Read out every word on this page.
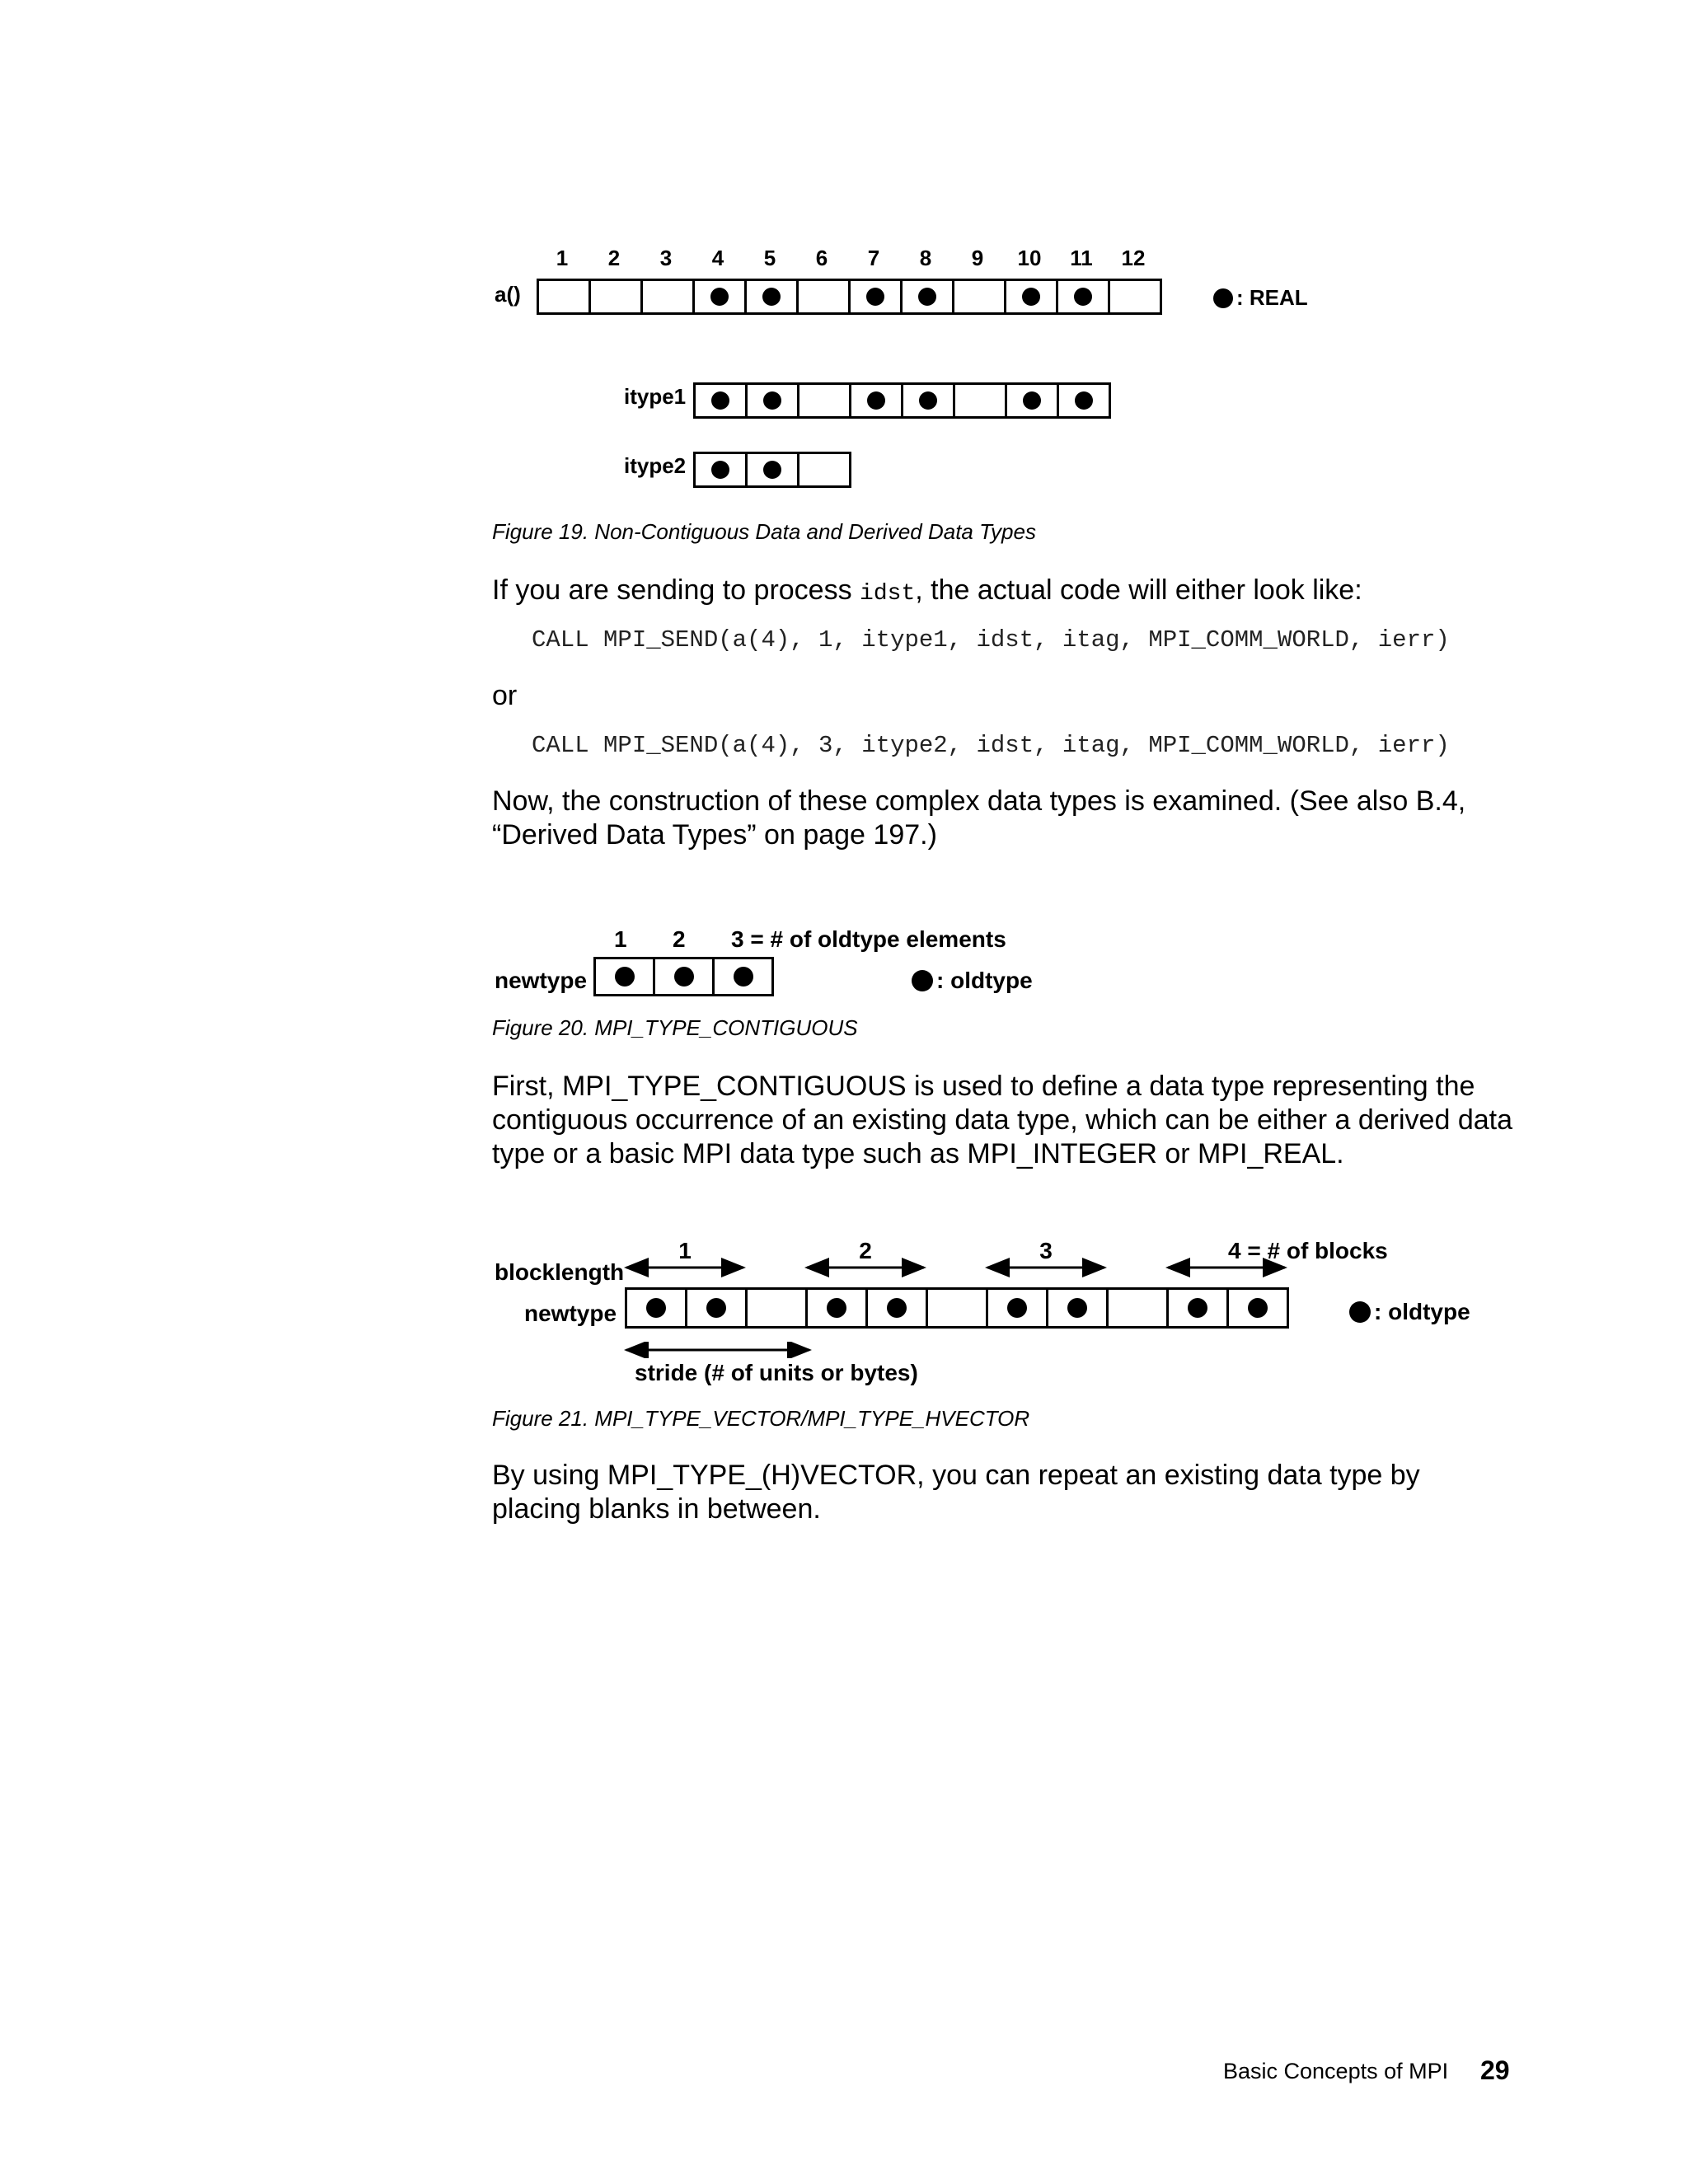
1 2 3 4 5 6 7 8 9 10 11 12
a()	: REAL
itype1
itype2
Figure 19. Non-Contiguous Data and Derived Data Types
If you are sending to process idst, the actual code will either look like:
CALL MPI_SEND(a(4), 1, itype1, idst, itag, MPI_COMM_WORLD, ierr)
or
CALL MPI_SEND(a(4), 3, itype2, idst, itag, MPI_COMM_WORLD, ierr)
Now, the construction of these complex data types is examined. (See also B.4, “Derived Data Types” on page 197.)
1 2 3 = # of oldtype elements
newtype	: oldtype
Figure 20. MPI_TYPE_CONTIGUOUS
First, MPI_TYPE_CONTIGUOUS is used to define a data type representing the contiguous occurrence of an existing data type, which can be either a derived data type or a basic MPI data type such as MPI_INTEGER or MPI_REAL.
blocklength
1	2	3	4 = # of blocks
newtype	: oldtype
stride (# of units or bytes)
Figure 21. MPI_TYPE_VECTOR/MPI_TYPE_HVECTOR
By using MPI_TYPE_(H)VECTOR, you can repeat an existing data type by placing blanks in between.
Basic Concepts of MPI 29
